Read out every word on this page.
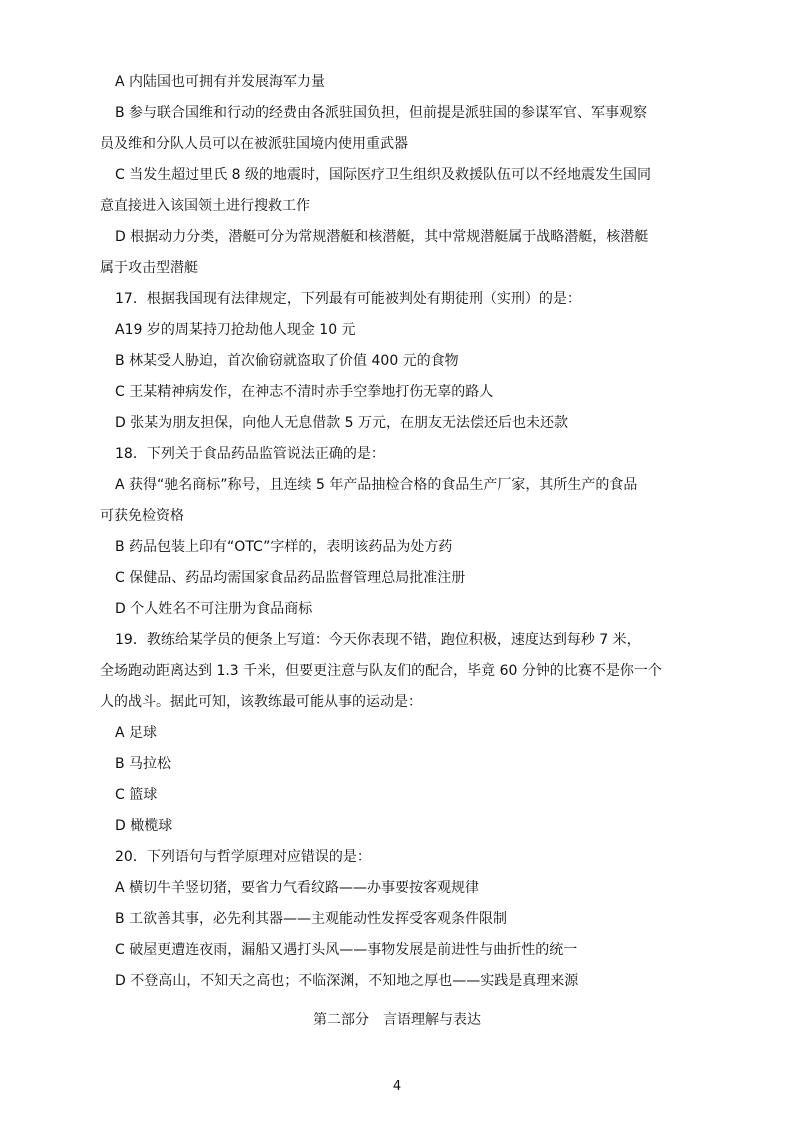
A 内陆国也可拥有并发展海军力量
B 参与联合国维和行动的经费由各派驻国负担，但前提是派驻国的参谋军官、军事观察
员及维和分队人员可以在被派驻国境内使用重武器
C 当发生超过里氏 8 级的地震时，国际医疗卫生组织及救援队伍可以不经地震发生国同
意直接进入该国领土进行搜救工作
D 根据动力分类，潜艇可分为常规潜艇和核潜艇，其中常规潜艇属于战略潜艇，核潜艇
属于攻击型潜艇
17．根据我国现有法律规定，下列最有可能被判处有期徒刑（实刑）的是：
A19 岁的周某持刀抢劫他人现金 10 元
B 林某受人胁迫，首次偷窃就盗取了价值 400 元的食物
C 王某精神病发作，在神志不清时赤手空拳地打伤无辜的路人
D 张某为朋友担保，向他人无息借款 5 万元，在朋友无法偿还后也未还款
18．下列关于食品药品监管说法正确的是：
A 获得“驰名商标”称号，且连续 5 年产品抽检合格的食品生产厂家，其所生产的食品
可获免检资格
B 药品包装上印有“OTC”字样的，表明该药品为处方药
C 保健品、药品均需国家食品药品监督管理总局批准注册
D 个人姓名不可注册为食品商标
19．教练给某学员的便条上写道：今天你表现不错，跑位积极，速度达到每秒 7 米，
全场跑动距离达到 1.3 千米，但要更注意与队友们的配合，毕竟 60 分钟的比赛不是你一个
人的战斗。据此可知，该教练最可能从事的运动是：
A 足球
B 马拉松
C 篮球
D 橄榄球
20．下列语句与哲学原理对应错误的是：
A 横切牛羊竖切猪，要省力气看纹路——办事要按客观规律
B 工欲善其事，必先利其器——主观能动性发挥受客观条件限制
C 破屋更遭连夜雨，漏船又遇打头风——事物发展是前进性与曲折性的统一
D 不登高山，不知天之高也；不临深渊，不知地之厚也——实践是真理来源
第二部分　言语理解与表达
4
